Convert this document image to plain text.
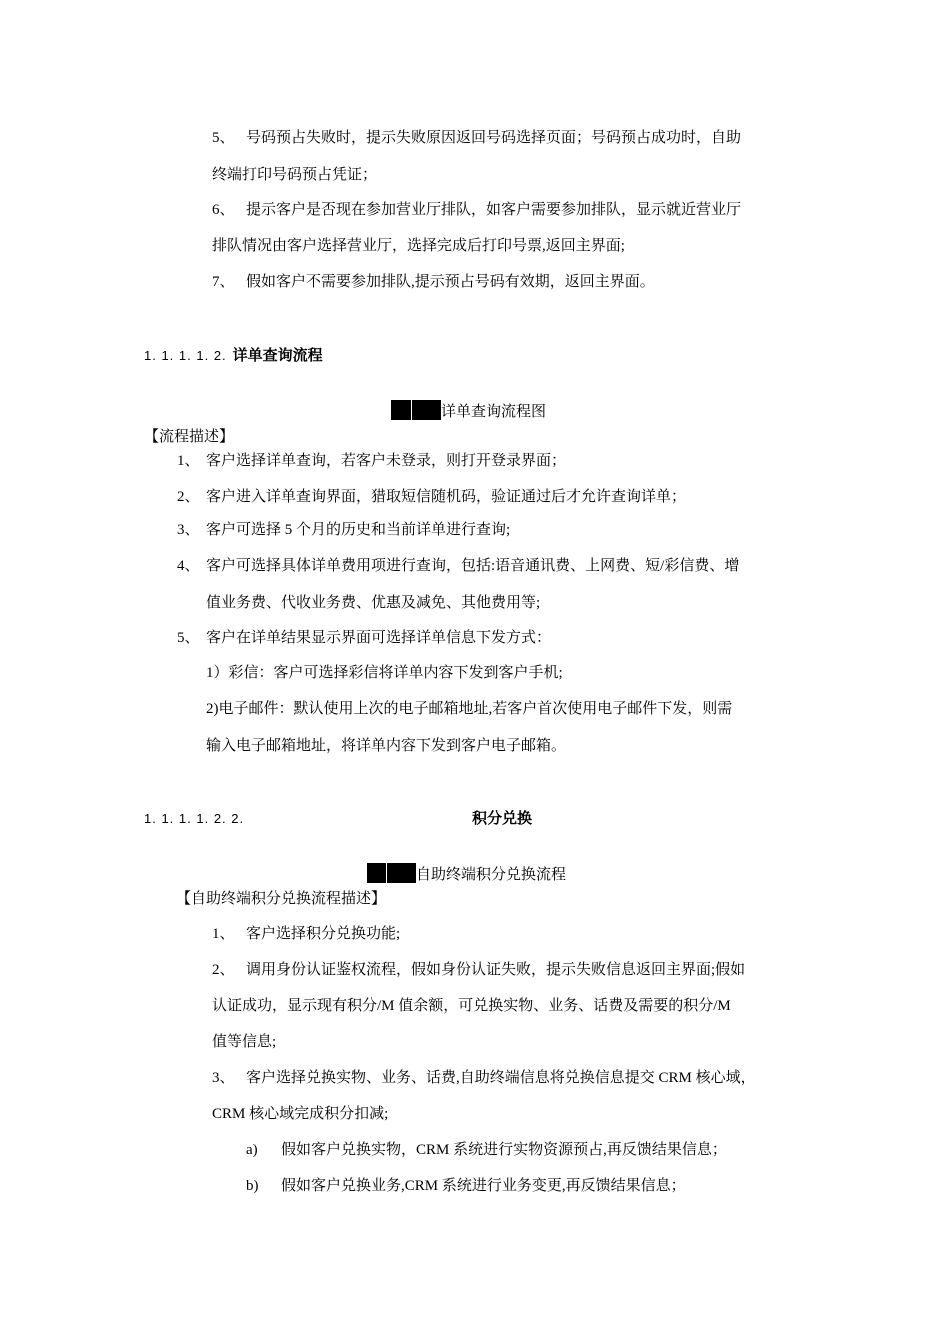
5、 号码预占失败时，提示失败原因返回号码选择页面；号码预占成功时，自助
终端打印号码预占凭证；
6、 提示客户是否现在参加营业厅排队，如客户需要参加排队，显示就近营业厅
排队情况由客户选择营业厅，选择完成后打印号票,返回主界面;
7、 假如客户不需要参加排队,提示预占号码有效期，返回主界面。
1. 1. 1. 1. 2. 详单查询流程
详单查询流程图
【流程描述】
1、 客户选择详单查询，若客户未登录，则打开登录界面；
2、 客户进入详单查询界面，猎取短信随机码，验证通过后才允许查询详单；
3、 客户可选择 5 个月的历史和当前详单进行查询;
4、 客户可选择具体详单费用项进行查询，包括:语音通讯费、上网费、短/彩信费、增
值业务费、代收业务费、优惠及减免、其他费用等;
5、 客户在详单结果显示界面可选择详单信息下发方式：
1）彩信：客户可选择彩信将详单内容下发到客户手机;
2)电子邮件：默认使用上次的电子邮箱地址,若客户首次使用电子邮件下发，则需
输入电子邮箱地址，将详单内容下发到客户电子邮箱。
1. 1. 1. 1. 2. 2.	积分兑换
自助终端积分兑换流程
【自助终端积分兑换流程描述】
1、 客户选择积分兑换功能;
2、 调用身份认证鉴权流程，假如身份认证失败，提示失败信息返回主界面;假如
认证成功，显示现有积分/M 值余额，可兑换实物、业务、话费及需要的积分/M
值等信息;
3、 客户选择兑换实物、业务、话费,自助终端信息将兑换信息提交 CRM 核心域，
CRM 核心域完成积分扣减;
a) 假如客户兑换实物，CRM 系统进行实物资源预占,再反馈结果信息；
b) 假如客户兑换业务,CRM 系统进行业务变更,再反馈结果信息；
